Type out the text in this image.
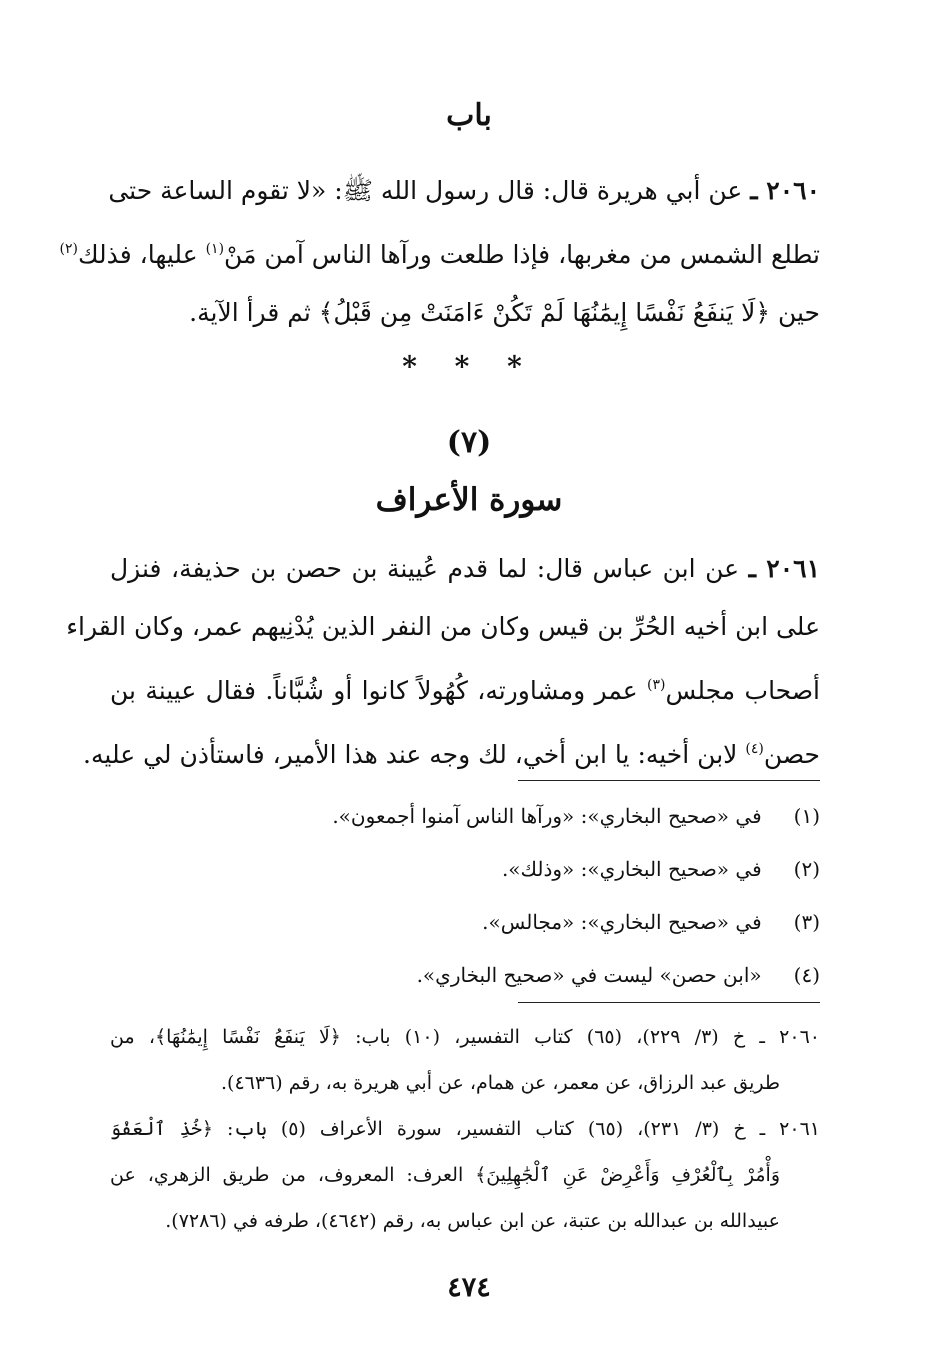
باب
٢٠٦٠ ـ عن أبي هريرة قال: قال رسول الله ﷺ: «لا تقوم الساعة حتى
تطلع الشمس من مغربها، فإذا طلعت ورآها الناس آمن مَنْ$^{(١)}$ عليها، فذلك$^{(٢)}$
حين ﴿لَا يَنفَعُ نَفْسًا إِيمَٰنُهَا لَمْ تَكُنْ ءَامَنَتْ مِن قَبْلُ﴾ ثم قرأ الآية.
* * *
(٧)
سورة الأعراف
٢٠٦١ ـ عن ابن عباس قال: لما قدم عُيينة بن حصن بن حذيفة، فنزل
على ابن أخيه الحُرِّ بن قيس وكان من النفر الذين يُدْنِيهم عمر، وكان القراء
أصحاب مجلس$^{(٣)}$ عمر ومشاورته، كُهُولاً كانوا أو شُبَّاناً. فقال عيينة بن
حصن$^{(٤)}$ لابن أخيه: يا ابن أخي، لك وجه عند هذا الأمير، فاستأذن لي عليه.
(١) في «صحيح البخاري»: «ورآها الناس آمنوا أجمعون».
(٢) في «صحيح البخاري»: «وذلك».
(٣) في «صحيح البخاري»: «مجالس».
(٤) «ابن حصن» ليست في «صحيح البخاري».
٢٠٦٠ ـ خ (٣/ ٢٢٩)، (٦٥) كتاب التفسير، (١٠) باب: ﴿لَا يَنفَعُ نَفْسًا إِيمَٰنُهَا﴾، من
طريق عبد الرزاق، عن معمر، عن همام، عن أبي هريرة به، رقم (٤٦٣٦).
٢٠٦١ ـ خ (٣/ ٢٣١)، (٦٥) كتاب التفسير، سورة الأعراف (٥) باب: ﴿خُذِ ٱلْعَفْوَ
وَأْمُرْ بِٱلْعُرْفِ وَأَعْرِضْ عَنِ ٱلْجَٰهِلِينَ﴾ العرف: المعروف، من طريق الزهري، عن
عبيدالله بن عبدالله بن عتبة، عن ابن عباس به، رقم (٤٦٤٢)، طرفه في (٧٢٨٦).
٤٧٤
